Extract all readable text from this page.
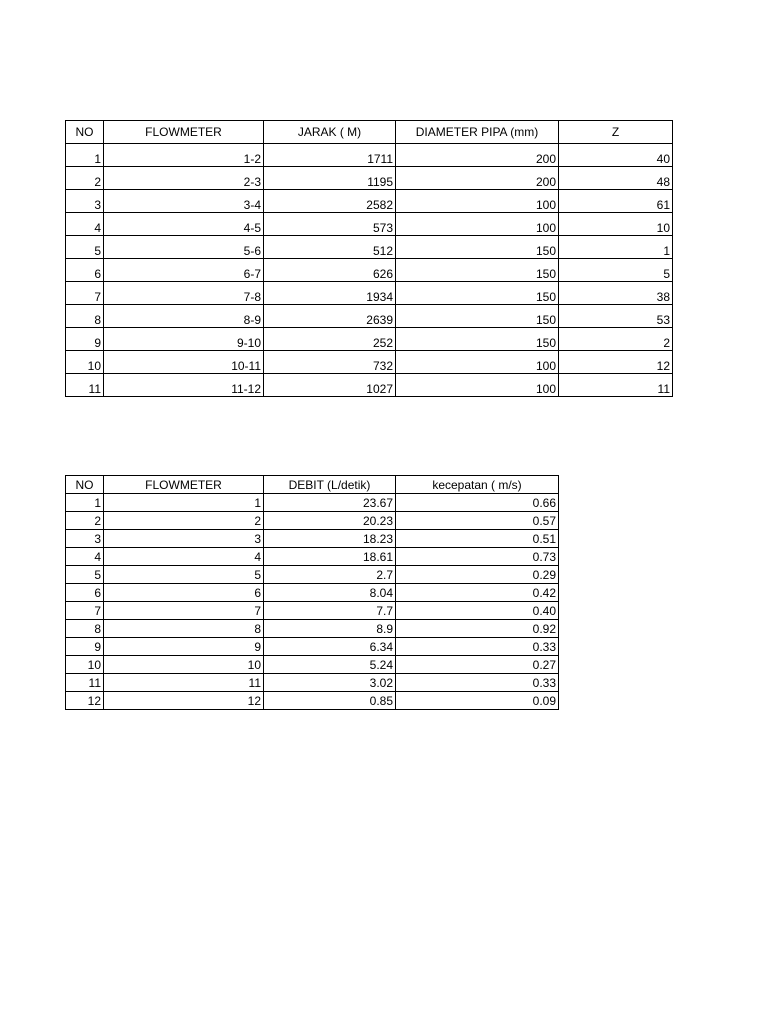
NO	FLOWMETER	JARAK ( M)	DIAMETER PIPA (mm)	Z
1	1-2	1711	200	40
2	2-3	1195	200	48
3	3-4	2582	100	61
4	4-5	573	100	10
5	5-6	512	150	1
6	6-7	626	150	5
7	7-8	1934	150	38
8	8-9	2639	150	53
9	9-10	252	150	2
10	10-11	732	100	12
11	11-12	1027	100	11
NO	FLOWMETER	DEBIT (L/detik)	kecepatan ( m/s)
1	1	23.67	0.66
2	2	20.23	0.57
3	3	18.23	0.51
4	4	18.61	0.73
5	5	2.7	0.29
6	6	8.04	0.42
7	7	7.7	0.40
8	8	8.9	0.92
9	9	6.34	0.33
10	10	5.24	0.27
11	11	3.02	0.33
12	12	0.85	0.09
